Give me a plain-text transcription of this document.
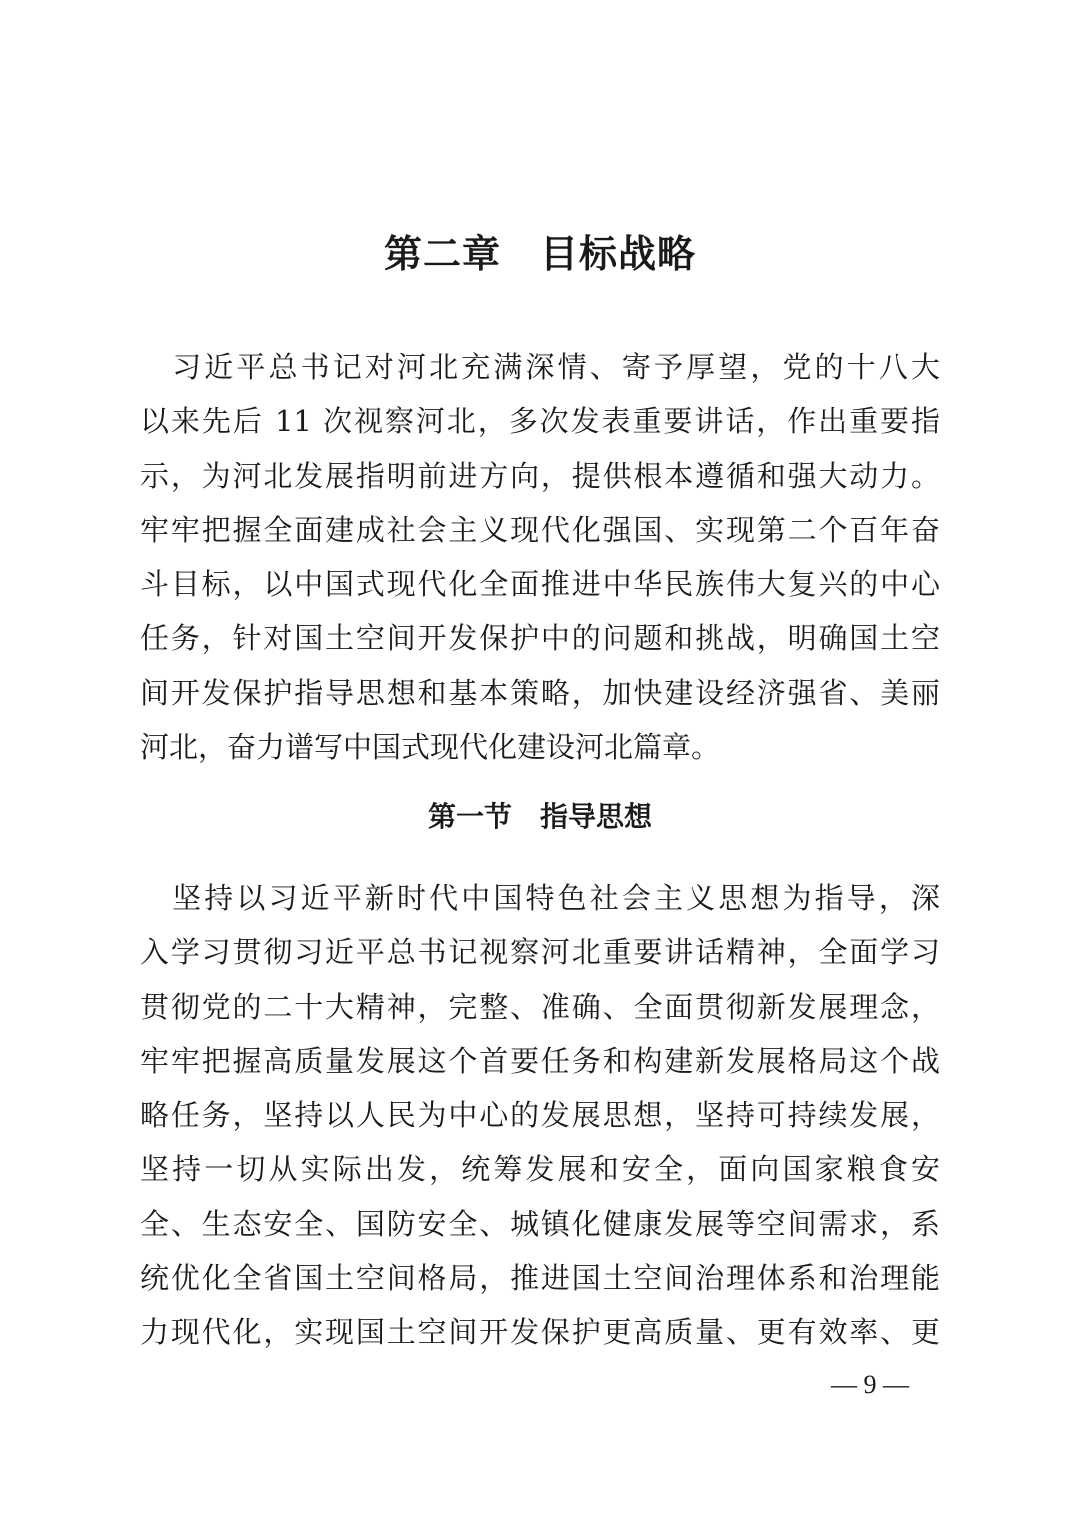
第二章　目标战略
　习近平总书记对河北充满深情、寄予厚望，党的十八大
以来先后 11 次视察河北，多次发表重要讲话，作出重要指
示，为河北发展指明前进方向，提供根本遵循和强大动力。
牢牢把握全面建成社会主义现代化强国、实现第二个百年奋
斗目标，以中国式现代化全面推进中华民族伟大复兴的中心
任务，针对国土空间开发保护中的问题和挑战，明确国土空
间开发保护指导思想和基本策略，加快建设经济强省、美丽
河北，奋力谱写中国式现代化建设河北篇章。
第一节　指导思想
　坚持以习近平新时代中国特色社会主义思想为指导，深
入学习贯彻习近平总书记视察河北重要讲话精神，全面学习
贯彻党的二十大精神，完整、准确、全面贯彻新发展理念，
牢牢把握高质量发展这个首要任务和构建新发展格局这个战
略任务，坚持以人民为中心的发展思想，坚持可持续发展，
坚持一切从实际出发，统筹发展和安全，面向国家粮食安
全、生态安全、国防安全、城镇化健康发展等空间需求，系
统优化全省国土空间格局，推进国土空间治理体系和治理能
力现代化，实现国土空间开发保护更高质量、更有效率、更
— 9 —
